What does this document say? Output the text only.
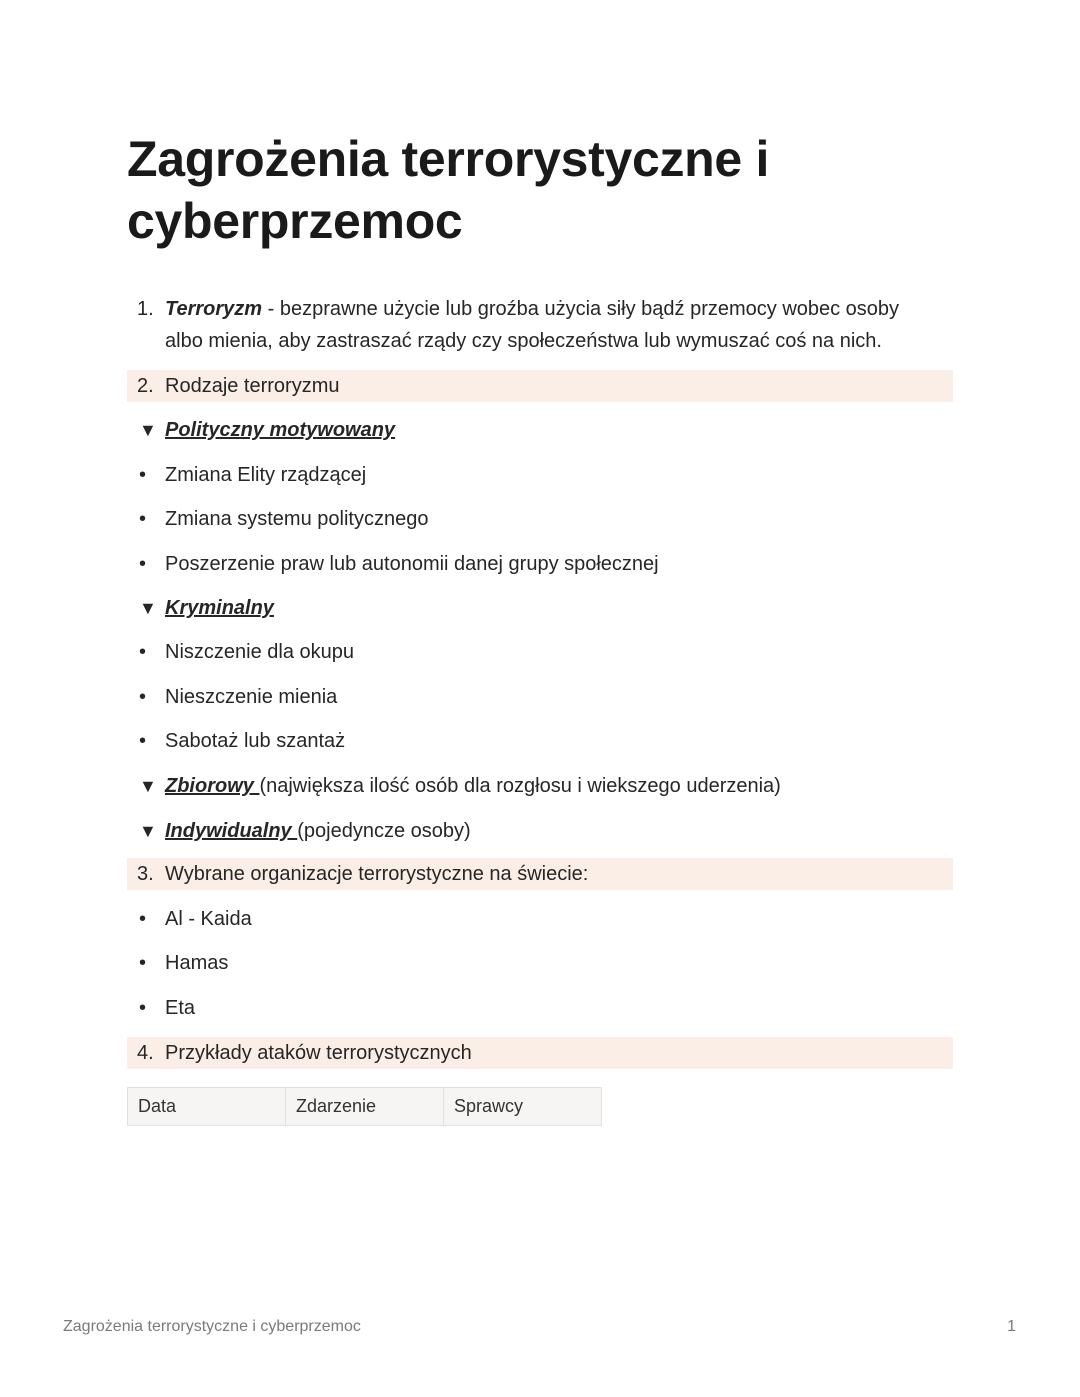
Zagrożenia terrorystyczne i cyberprzemoc
1. Terroryzm - bezprawne użycie lub groźba użycia siły bądź przemocy wobec osoby
albo mienia, aby zastraszać rządy czy społeczeństwa lub wymuszać coś na nich.
2. Rodzaje terroryzmu
▼ Polityczny motywowany
• Zmiana Elity rządzącej
• Zmiana systemu politycznego
• Poszerzenie praw lub autonomii danej grupy społecznej
▼ Kryminalny
• Niszczenie dla okupu
• Nieszczenie mienia
• Sabotaż lub szantaż
▼ Zbiorowy (największa ilość osób dla rozgłosu i wiekszego uderzenia)
▼ Indywidualny (pojedyncze osoby)
3. Wybrane organizacje terrorystyczne na świecie:
• Al - Kaida
• Hamas
• Eta
4. Przykłady ataków terrorystycznych
Data	Zdarzenie	Sprawcy
Zagrożenia terrorystyczne i cyberprzemoc	1
